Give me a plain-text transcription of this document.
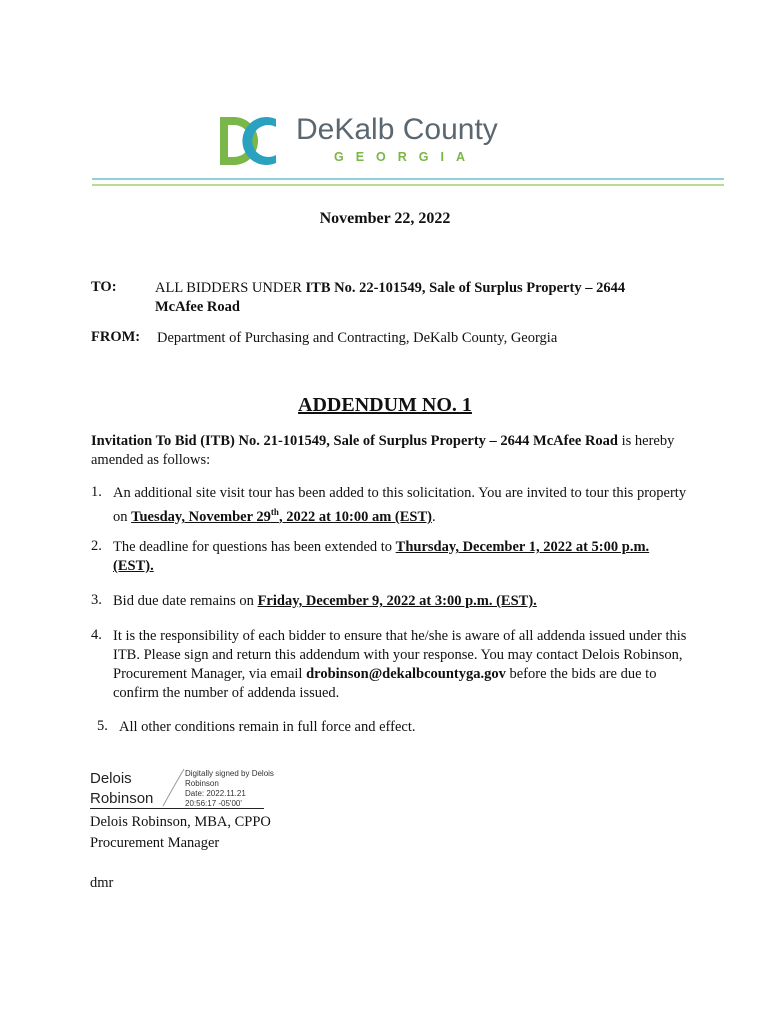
DeKalb County
GEORGIA
November 22, 2022
TO:	ALL BIDDERS UNDER ITB No. 22-101549, Sale of Surplus Property – 2644 McAfee Road
FROM: Department of Purchasing and Contracting, DeKalb County, Georgia
ADDENDUM NO. 1
Invitation To Bid (ITB) No. 21-101549, Sale of Surplus Property – 2644 McAfee Road is hereby amended as follows:
1. An additional site visit tour has been added to this solicitation. You are invited to tour this property on Tuesday, November 29th, 2022 at 10:00 am (EST).
2. The deadline for questions has been extended to Thursday, December 1, 2022 at 5:00 p.m. (EST).
3. Bid due date remains on Friday, December 9, 2022 at 3:00 p.m. (EST).
4. It is the responsibility of each bidder to ensure that he/she is aware of all addenda issued under this ITB. Please sign and return this addendum with your response. You may contact Delois Robinson, Procurement Manager, via email drobinson@dekalbcountyga.gov before the bids are due to confirm the number of addenda issued.
5. All other conditions remain in full force and effect.
Delois
Robinson
Digitally signed by Delois
Robinson
Date: 2022.11.21
20:56:17 -05'00'
Delois Robinson, MBA, CPPO
Procurement Manager
dmr
